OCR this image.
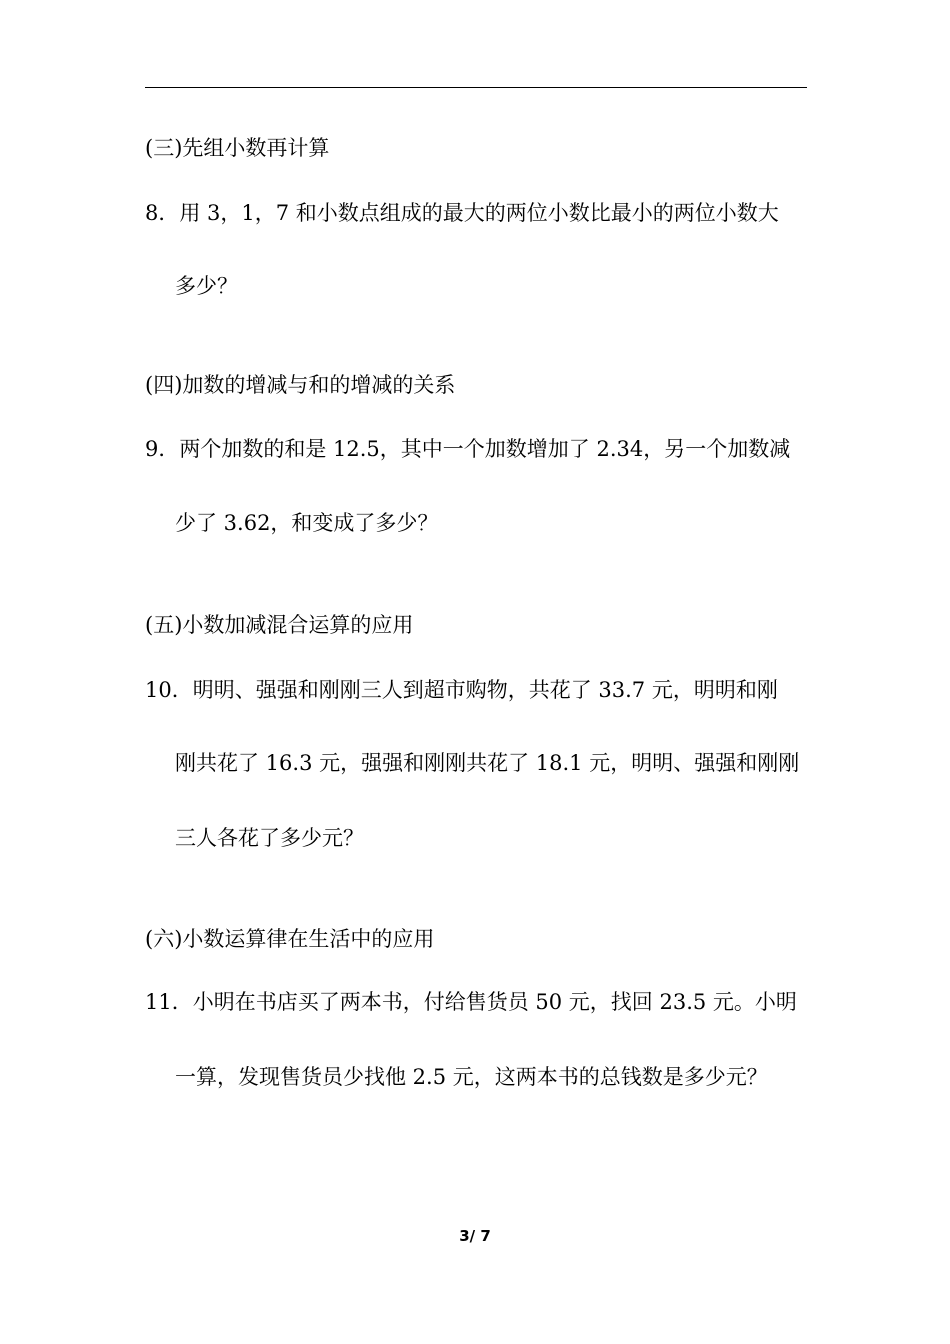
(三)先组小数再计算
8．用 3，1，7 和小数点组成的最大的两位小数比最小的两位小数大
多少？
(四)加数的增减与和的增减的关系
9．两个加数的和是 12.5，其中一个加数增加了 2.34，另一个加数减
少了 3.62，和变成了多少？
(五)小数加减混合运算的应用
10．明明、强强和刚刚三人到超市购物，共花了 33.7 元，明明和刚
刚共花了 16.3 元，强强和刚刚共花了 18.1 元，明明、强强和刚刚
三人各花了多少元？
(六)小数运算律在生活中的应用
11．小明在书店买了两本书，付给售货员 50 元，找回 23.5 元。小明
一算，发现售货员少找他 2.5 元，这两本书的总钱数是多少元？
3/ 7
